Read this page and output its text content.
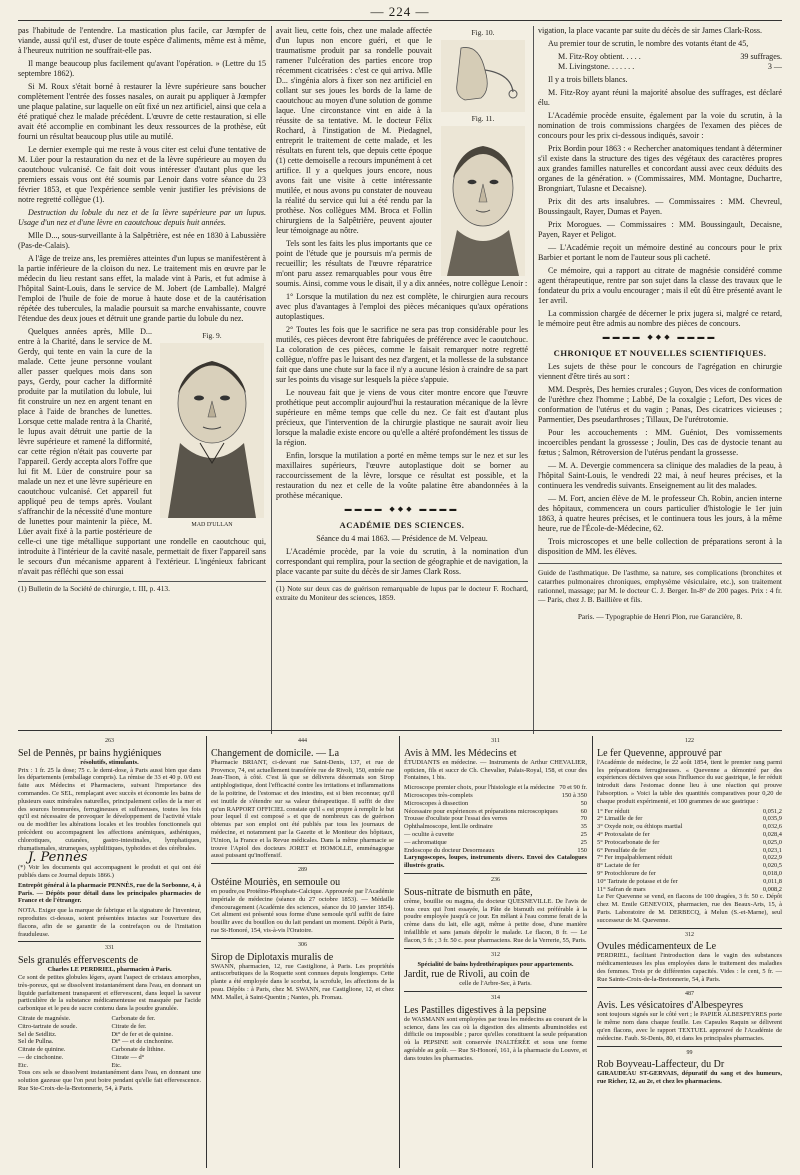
— 224 —

pas l'habitude de l'entendre. La mastication plus facile, car Jœmpfer de viande, aussi qu'il est, d'user de toute espèce d'aliments, même est à même, à l'heureux nutrition ne souffrait-elle pas.

Il mange beaucoup plus facilement qu'avant l'opération. » (Lettre du 15 septembre 1862).

Si M. Roux s'était borné à restaurer la lèvre supérieure sans boucher complètement l'entrée des fosses nasales, on aurait pu appliquer à Jœmpfer une plaque palatine, sur laquelle on eût fixé un nez artificiel, ainsi que cela a été pratiqué chez le malade précédent. L'œuvre de cette restauration, si elle avait été accomplie en combinant les deux ressources de la prothèse, eût fourni un résultat beaucoup plus utile au mutilé.

Le dernier exemple qui me reste à vous citer est celui d'une tentative de M. Lüer pour la restauration du nez et de la lèvre supérieure au moyen du caoutchouc vulcanisé. Ce fait doit vous intéresser d'autant plus que les premiers essais vous ont été soumis par Lenoir dans votre séance du 23 février 1853, et que l'expérience semble venir justifier les prévisions de notre regretté collègue (1).

Destruction du lobule du nez et de la lèvre supérieure par un lupus. Usage d'un nez et d'une lèvre en caoutchouc depuis huit années.

Mlle D..., sous-surveillante à la Salpêtrière, est née en 1830 à Labussière (Pas-de-Calais).

A l'âge de treize ans, les premières atteintes d'un lupus se manifestèrent à la partie inférieure de la cloison du nez. Le traitement mis en œuvre par le médecin du lieu restant sans effet, la malade vint à Paris, et fut admise à l'hôpital Saint-Louis, dans le service de M. Jobert (de Lamballe). Malgré l'emploi de l'huile de foie de morue à haute dose et de la cautérisation répétée des tubercules, la maladie poursuit sa marche envahissante, couvre l'étendue des deux joues et détruit une grande partie du lobule du nez.

Fig. 9.
MAD D'ULLAN

Quelques années après, Mlle D... entre à la Charité, dans le service de M. Gerdy, qui tente en vain la cure de la malade. Cette jeune personne voulant aller passer quelques mois dans son pays, Gerdy, pour cacher la difformité produite par la mutilation du lobule, lui fit construire un nez en argent tenant en place à l'aide de branches de lunettes. Lorsque cette malade rentra à la Charité, le lupus avait détruit une partie de la lèvre supérieure et ramené la difformité, car cette région n'était pas couverte par l'appareil. Gerdy accepta alors l'offre que lui fit M. Lüer de construire pour sa malade un nez et une lèvre supérieure en caoutchouc vulcanisé. Cet appareil fut appliqué peu de temps après. Voulant s'affranchir de la nécessité d'une monture de lunettes pour maintenir la pièce, M. Lüer avait fixé à la partie postérieure de celle-ci une tige métallique supportant une rondelle en caoutchouc qui, introduite à l'intérieur de la cavité nasale, permettait de fixer l'appareil sans le secours d'un mécanisme apparent à l'extérieur. L'ingénieux fabricant n'avait pas réfléchi que son essai

(1) Bulletin de la Société de chirurgie, t. III, p. 413.
Fig. 10.
Fig. 11.

avait lieu, cette fois, chez une malade affectée d'un lupus non encore guéri, et que le traumatisme produit par sa rondelle pouvait ramener l'ulcération des parties encore trop récemment cicatrisées : c'est ce qui arriva. Mlle D... s'ingénia alors à fixer son nez artificiel en collant sur ses joues les bords de la lame de caoutchouc au moyen d'une solution de gomme laque. Une circonstance vint en aide à la réussite de sa tentative. M. le docteur Félix Rochard, à l'instigation de M. Piedagnel, entreprit le traitement de cette malade, et les résultats en furent tels, que depuis cette époque (1) cette demoiselle a recours impunément à cet artifice. Il y a quelques jours encore, nous avons fait une visite à cette intéressante mutilée, et nous avons pu constater de nouveau la réalité du service qui lui a été rendu par la prothèse. Nos collègues MM. Broca et Follin chirurgiens de la Salpêtrière, peuvent ajouter leur témoignage au nôtre.

Tels sont les faits les plus importants que ce point de l'étude que je poursuis m'a permis de recueillir; les résultats de l'œuvre réparatrice m'ont paru assez remarquables pour vous être soumis. Ainsi, comme vous le disait, il y a dix années, notre collègue Lenoir :

1° Lorsque la mutilation du nez est complète, le chirurgien aura recours avec plus d'avantages à l'emploi des pièces mécaniques qu'aux opérations autoplastiques.

2° Toutes les fois que le sacrifice ne sera pas trop considérable pour les mutilés, ces pièces devront être fabriquées de préférence avec le caoutchouc. La coloration de ces pièces, comme le faisait remarquer notre regretté collègue, n'offre pas le luisant des nez d'argent, et la mollesse de la substance fait que dans une chute sur la face il n'y a aucune lésion à craindre de sa part sur les points du visage sur lesquels la pièce s'appuie.

Le nouveau fait que je viens de vous citer montre encore que l'œuvre prothétique peut accomplir aujourd'hui la restauration mécanique de la lèvre supérieure en même temps que celle du nez. Ce fait est d'autant plus précieux, que l'intervention de la chirurgie plastique ne saurait avoir lieu lorsque la maladie existe encore ou qu'elle a altéré profondément les tissus de la région.

Enfin, lorsque la mutilation a porté en même temps sur le nez et sur les maxillaires supérieurs, l'œuvre autoplastique doit se borner au raccourcissement de la lèvre, lorsque ce résultat est possible, et la restauration du nez et celle de la voûte palatine être abandonnées à la prothèse mécanique.

▬▬▬▬ ◆◆◆ ▬▬▬▬
ACADÉMIE DES SCIENCES.

Séance du 4 mai 1863. — Présidence de M. Velpeau.

L'Académie procède, par la voie du scrutin, à la nomination d'un correspondant qui remplira, pour la section de géographie et de navigation, la place vacante par suite du décès de sir James Clark Ross.

(1) Note sur deux cas de guérison remarquable de lupus par le docteur F. Rochard, extraite du Moniteur des sciences, 1859.

vigation, la place vacante par suite du décès de sir James Clark-Ross.

Au premier tour de scrutin, le nombre des votants étant de 45,

M. Fitz-Roy obtient. . . . .	39 suffrages.
M. Livingstone. . . . . . .	3 —

Il y a trois billets blancs.

M. Fitz-Roy ayant réuni la majorité absolue des suffrages, est déclaré élu.

L'Académie procède ensuite, également par la voie du scrutin, à la nomination de trois commissions chargées de l'examen des pièces de concours pour les prix ci-dessous indiqués, savoir :

Prix Bordin pour 1863 : « Rechercher anatomiques tendant à déterminer s'il existe dans la structure des tiges des végétaux des caractères propres aux grandes familles naturelles et concordant aussi avec ceux déduits des organes de la génération. » (Commissaires, MM. Montagne, Duchartre, Brongniart, Tulasne et Decaisne).

Prix dit des arts insalubres. — Commissaires : MM. Chevreul, Boussingault, Rayer, Dumas et Payen.

Prix Morogues. — Commissaires : MM. Boussingault, Decaisne, Payen, Rayer et Peligot.

— L'Académie reçoit un mémoire destiné au concours pour le prix Barbier et portant le nom de l'auteur sous pli cacheté.

Ce mémoire, qui a rapport au citrate de magnésie considéré comme agent thérapeutique, rentre par son sujet dans la classe des travaux que le fondateur du prix a voulu encourager ; mais il eût dû être présenté avant le 1er avril.

La commission chargée de décerner le prix jugera si, malgré ce retard, le mémoire peut être admis au nombre des pièces de concours.

▬▬▬▬ ◆◆◆ ▬▬▬▬
CHRONIQUE ET NOUVELLES SCIENTIFIQUES.

Les sujets de thèse pour le concours de l'agrégation en chirurgie viennent d'être tirés au sort :

MM. Desprès, Des hernies crurales ; Guyon, Des vices de conformation de l'urèthre chez l'homme ; Labbé, De la coxalgie ; Lefort, Des vices de conformation de l'utérus et du vagin ; Panas, Des cicatrices vicieuses ; Parmentier, Des pseudarthroses ; Tillaux, De l'urétrotomie.

Pour les accouchements : MM. Guéniot, Des vomissements incoercibles pendant la grossesse ; Joulin, Des cas de dystocie tenant au fœtus ; Salmon, Rétroversion de l'utérus pendant la grossesse.

— M. A. Devergie commencera sa clinique des maladies de la peau, à l'hôpital Saint-Louis, le vendredi 22 mai, à neuf heures précises, et la continuera les vendredis suivants. Enseignement au lit des malades.

— M. Fort, ancien élève de M. le professeur Ch. Robin, ancien interne des hôpitaux, commencera un cours particulier d'histologie le 1er juin 1863, à quatre heures précises, et le continuera tous les jours, à la même heure, rue de l'École-de-Médecine, 62.

Trois microscopes et une belle collection de préparations seront à la disposition de MM. les élèves.

Guide de l'asthmatique. De l'asthme, sa nature, ses complications (bronchites et catarrhes pulmonaires chroniques, emphysème vésiculaire, etc.), son traitement rationnel, massage; par M. le docteur C. J. Berger. In-8° de 200 pages. Prix : 4 fr. — Paris, chez J. B. Baillière et fils.
Paris. — Typographie de Henri Plon, rue Garancière, 8.
263
Sel de Pennès, pr bains hygiéniques
résolutifs, stimulants.

Prix : 1 fr. 25 la dose; 75 c. le demi-dose, à Paris aussi bien que dans les départements (emballage compris). La rémise de 33 et 40 p. 0/0 est faite aux Médecins et Pharmaciens, suivant l'importance des commandes. Ce SEL, remplaçant avec succès et économie les bains de plusieurs eaux minérales naturelles, principalement celles de la mer et des sources bromurées, ferrugineuses et sulfureuses, toutes les fois qu'il est nécessaire de provoquer le développement de l'activité vitale ou de modifier les altérations locales et les troubles fonctionnels qui précèdent ou accompagnent les affections anémiques, asthéniques, chlorotiques, cutanées, gastro-intestinales, lymphatiques, rhumatismales, strumeuses, syphilitiques, typhoïdes et des cérébrales.

J. Pennès

(*) Voir les documents qui accompagnent le produit et qui ont été publiés dans ce Journal depuis 1866.)

Entrepôt général à la pharmacie PENNÈS, rue de la Sorbonne, 4, à Paris. — Dépôts pour détail dans les principales pharmacies de France et de l'étranger.

NOTA. Exiger que la marque de fabrique et la signature de l'inventeur, reproduites ci-dessus, soient présentées intactes sur l'ouverture des flacons, afin de se garantir de la contrefaçon ou de l'imitation frauduleuse.

331
Sels granulés effervescents de
Charles LE PERDRIEL, pharmacien à Paris.

Ce sont de petites globules légers, ayant l'aspect de cristaux amorphes, très-poreux, qui se dissolvent instantanément dans l'eau, en donnant un liquide parfaitement transparent et effervescent, dans lequel la saveur particulière de la substance médicamenteuse est masquée par l'acide carbonique et le peu de sucre contenu dans la poudre granulée.

Citrate de magnésie.
Citro-tartrate de soude.
Sel de Seidlitz.
Sel de Pullna.
Citrate de quinine.
— de cinchonine.
Etc.
Carbonate de fer.
Citrate de fer.
Dt° de fer et de quinine.
Dt° — et de cinchonine.
Carbonate de lithine.
Citrate — d°
Etc.

Tous ces sels se dissolvent instantanément dans l'eau, en donnant une solution gazeuse que l'on peut boire pendant qu'elle fait effervescence. Rue Ste-Croix-de-la-Bretonnerie, 54, à Paris.

444
Changement de domicile. — La

Pharmacie BRIANT, ci-devant rue Saint-Denis, 137, et rue de Provence, 74, est actuellement transférée rue de Rivoli, 150, entrée rue Jean-Tison, à côté. C'est là que se délivrera désormais son Sirop antiphlogistique, dont l'efficacité contre les irritations et inflammations de la poitrine, de l'estomac et des intestins, est si bien reconnue; qu'il est inutile de s'étendre sur sa valeur thérapeutique. Il suffit de dire qu'un RAPPORT OFFICIEL constate qu'il « est propre à remplir le but pour lequel il est composé » et que de nombreux cas de guérison obtenus par son emploi ont été publiés par tous les journaux de médecine, et notamment par la Gazette et le Moniteur des hôpitaux, l'Union, la France et la Revue médicales. Dans la même pharmacie se trouve l'Apiol des docteurs JORET et HOMOLLE, emménagogue aussi puissant qu'inoffensif.

289
Ostéine Mouriès, en semoule ou

en poudre,ou Protéino-Phosphate-Calcique. Approuvée par l'Académie impériale de médecine (séance du 27 octobre 1853). — Médaille d'encouragement (Académie des sciences, séance du 10 janvier 1854). Cet aliment est présenté sous forme d'une semoule qu'il suffit de faire bouillir avec du bouillon ou du lait pendant un moment. Dépôt à Paris, rue St-Honoré, 154, vis-à-vis l'Oratoire.

306
Sirop de Diplotaxis muralis de

SWANN, pharmacien, 12, rue Castiglione, à Paris. Les propriétés antiscorbutiques de la Roquette sont connues depuis longtemps. Cette plante a été employée dans le scorbut, la scrofule, les affections de la peau. Dépôts : à Paris, chez M. SWANN, rue Castiglione, 12, et chez MM. Mallet, à Saint-Quentin ; Nantes, ph. Fromau.

311
Avis à MM. les Médecins et

ÉTUDIANTS en médecine. — Instruments de Arthur CHEVALIER, opticien, fils et succr de Ch. Chevalier, Palais-Royal, 158, et cour des Fontaines, 1 bis.

Microscope premier choix, pour l'histologie et la médecine 70 et 90 fr.
Microscopes très-complets	150 à 350
Microscopes à dissection	50
Nécessaire pour expériences et préparations microscopiques	60
Trousse d'oculiste pour l'essai des verres	70
Ophthalmoscope, lent.lle ordinaire	35
— oculite à cuvette	25
— achromatique	25
Endoscope du docteur Desormeaux	150

Laryngoscopes, loupes, instruments divers. Envoi des Catalogues illustrés gratis.

236
Sous-nitrate de bismuth en pâte,

crème, bouillie ou magma, du docteur QUESNEVILLE. De l'avis de tous ceux qui l'ont essayée, la Pâte de bismuth est préférable à la poudre employée jusqu'à ce jour. En mêlant à l'eau comme ferait de la crème dans du lait, elle agit, même à petite dose, d'une manière infaillible et sans jamais dépolir le malade. Le flacon, 8 fr. — Le flacon, 5 fr. ; 3 fr. 50 c. pour pharmaciens. Rue de la Verrerie, 55, Paris.

312
Spécialité de bains hydrothérapiques pour appartements.
Jardit, rue de Rivoli, au coin de

celle de l'Arbre-Sec, à Paris.

314
Les Pastilles digestives à la pepsine

de WASMANN sont employées par tous les médecins au courant de la science, dans les cas où la digestion des aliments albuminoïdes est difficile ou impossible ; parce qu'elles constituent la seule préparation où la PEPSINE soit conservée INALTÉRÉE et sous une forme agréable au goût. — Rue St-Honoré, 161, à la pharmacie du Louvre, et dans toutes les pharmacies.

122
Le fer Quevenne, approuvé par

l'Académie de médecine, le 22 août 1854, tient le premier rang parmi les préparations ferrugineuses. « Quevenne a démontré par des expériences décisives que sous l'influence du suc gastrique, le fer réduit introduit dans l'estomac donne lieu à une réaction qui prouve l'absorption. » Voici la table des quantités comparatives pour 0,20 de chaque produit expérimenté, et 100 grammes de suc gastrique :

1° Fer réduit	0,051,2
2° Limaille de fer	0,035,9
3° Oxyde noir, ou éthiops martial	0,032,6
4° Protoxalate de fer	0,028,4
5° Protocarbonate de fer	0,025,0
6° Persulfate de fer	0,023,1
7° Fer impalpablement réduit	0,022,9
8° Lactate de fer	0,020,5
9° Protochlorure de fer	0,018,0
10° Tartrate de potasse et de fer	0,011,8
11° Safran de mars	0,008,2

Le Fer Quevenne se vend, en flacons de 100 dragées, 3 fr. 50 c. Dépôt chez M. Emile GENEVOIX, pharmacien, rue des Beaux-Arts, 15, à Paris. Laboratoire de M. DERBECQ, à Melun (S.-et-Marne), seul successeur de M. Quevenne.

312
Ovules médicamenteux de Le

PERDRIEL, facilitant l'introduction dans le vagin des substances médicamenteuses les plus employées dans le traitement des maladies des femmes. Trois pr de différentes capacités. Vides : le cent, 5 fr. — Rue Sainte-Croix-de-la-Bretonnerie, 54, à Paris.

487
Avis. Les vésicatoires d'Albespeyres

sont toujours signés sur le côté vert ; le PAPIER ALBESPEYRES porte le même nom dans chaque feuille. Les Capsules Raquin se délivrent qu'en flacons, avec le rapport TEXTUEL approuvé de l'Académie de médecine. Faub. St-Denis, 80, et dans les principales pharmacies.

99
Rob Boyveau-Laffecteur, du Dr

GIRAUDEAU ST-GERVAIS, dépuratif du sang et des humeurs, rue Richer, 12, au 2e, et chez les pharmaciens.
